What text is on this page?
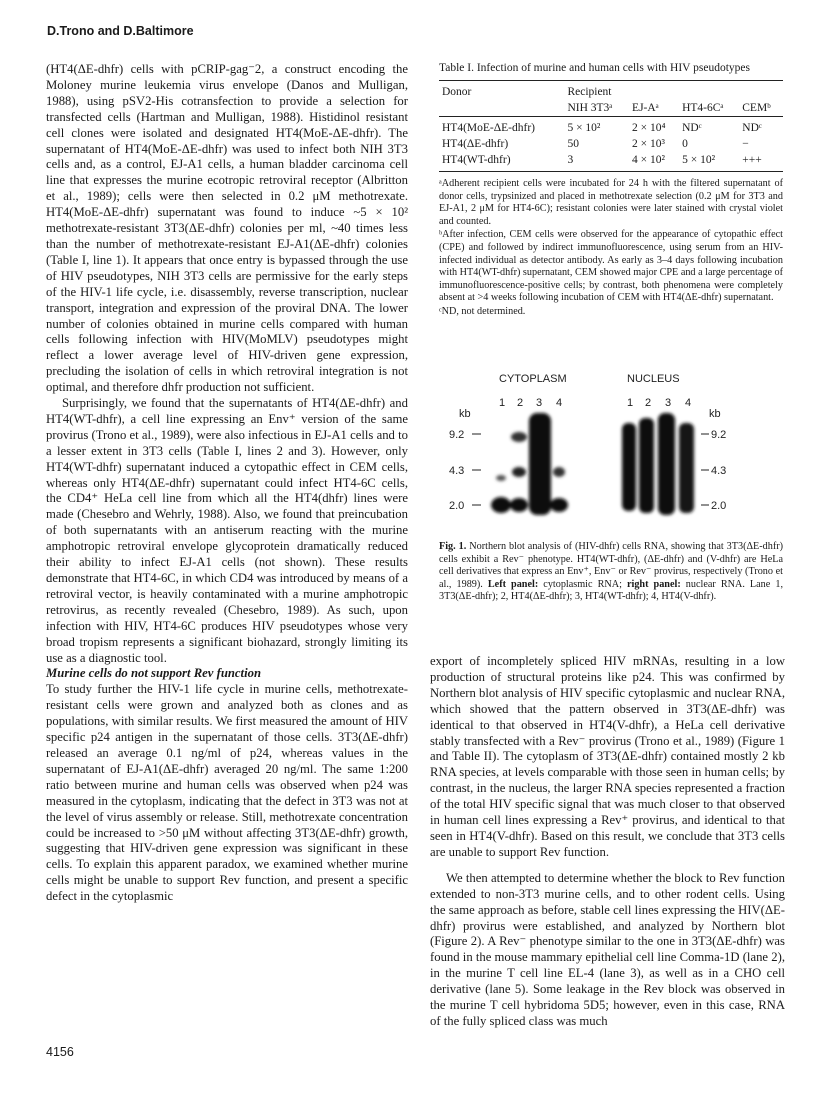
D.Trono and D.Baltimore

(HT4(ΔE-dhfr) cells with pCRIP-gag⁻2, a construct encoding the Moloney murine leukemia virus envelope (Danos and Mulligan, 1988), using pSV2-His cotransfection to provide a selection for transfected cells (Hartman and Mulligan, 1988). Histidinol resistant cell clones were isolated and designated HT4(MoE-ΔE-dhfr). The supernatant of HT4(MoE-ΔE-dhfr) was used to infect both NIH 3T3 cells and, as a control, EJ-A1 cells, a human bladder carcinoma cell line that expresses the murine ecotropic retroviral receptor (Albritton et al., 1989); cells were then selected in 0.2 μM methotrexate. HT4(MoE-ΔE-dhfr) supernatant was found to induce ~5 × 10² methotrexate-resistant 3T3(ΔE-dhfr) colonies per ml, ~40 times less than the number of methotrexate-resistant EJ-A1(ΔE-dhfr) colonies (Table I, line 1). It appears that once entry is bypassed through the use of HIV pseudotypes, NIH 3T3 cells are permissive for the early steps of the HIV-1 life cycle, i.e. disassembly, reverse transcription, nuclear transport, integration and expression of the proviral DNA. The lower number of colonies obtained in murine cells compared with human cells following infection with HIV(MoMLV) pseudotypes might reflect a lower average level of HIV-driven gene expression, precluding the isolation of cells in which retroviral integration is not optimal, and therefore dhfr production not sufficient.

Surprisingly, we found that the supernatants of HT4(ΔE-dhfr) and HT4(WT-dhfr), a cell line expressing an Env⁺ version of the same provirus (Trono et al., 1989), were also infectious in EJ-A1 cells and to a lesser extent in 3T3 cells (Table I, lines 2 and 3). However, only HT4(WT-dhfr) supernatant induced a cytopathic effect in CEM cells, whereas only HT4(ΔE-dhfr) supernatant could infect HT4-6C cells, the CD4⁺ HeLa cell line from which all the HT4(dhfr) lines were made (Chesebro and Wehrly, 1988). Also, we found that preincubation of both supernatants with an antiserum reacting with the murine amphotropic retroviral envelope glycoprotein dramatically reduced their ability to infect EJ-A1 cells (not shown). These results demonstrate that HT4-6C, in which CD4 was introduced by means of a retroviral vector, is heavily contaminated with a murine amphotropic retrovirus, as recently revealed (Chesebro, 1989). As such, upon infection with HIV, HT4-6C produces HIV pseudotypes whose very broad tropism represents a significant biohazard, strongly limiting its use as a diagnostic tool.

Murine cells do not support Rev function

To study further the HIV-1 life cycle in murine cells, methotrexate-resistant cells were grown and analyzed both as clones and as populations, with similar results. We first measured the amount of HIV specific p24 antigen in the supernatant of those cells. 3T3(ΔE-dhfr) released an average 0.1 ng/ml of p24, whereas values in the supernatant of EJ-A1(ΔE-dhfr) averaged 20 ng/ml. The same 1:200 ratio between murine and human cells was observed when p24 was measured in the cytoplasm, indicating that the defect in 3T3 was not at the level of virus assembly or release. Still, methotrexate concentration could be increased to >50 μM without affecting 3T3(ΔE-dhfr) growth, suggesting that HIV-driven gene expression was significant in these cells. To explain this apparent paradox, we examined whether murine cells might be unable to support Rev function, and present a specific defect in the cytoplasmic

Table I. Infection of murine and human cells with HIV pseudotypes
Donor	Recipient			
	NIH 3T3ᵃ	EJ-Aᵃ	HT4-6Cᵃ	CEMᵇ
HT4(MoE-ΔE-dhfr)	5 × 10²	2 × 10⁴	NDᶜ	NDᶜ
HT4(ΔE-dhfr)	50	2 × 10³	0	−
HT4(WT-dhfr)	3	4 × 10²	5 × 10²	+++

ᵃAdherent recipient cells were incubated for 24 h with the filtered supernatant of donor cells, trypsinized and placed in methotrexate selection (0.2 μM for 3T3 and EJ-A1, 2 μM for HT4-6C); resistant colonies were later stained with crystal violet and counted.

ᵇAfter infection, CEM cells were observed for the appearance of cytopathic effect (CPE) and followed by indirect immunofluorescence, using serum from an HIV-infected individual as detector antibody. As early as 3–4 days following incubation with HT4(WT-dhfr) supernatant, CEM showed major CPE and a large percentage of immunofluorescence-positive cells; by contrast, both phenomena were completely absent at >4 weeks following incubation of CEM with HT4(ΔE-dhfr) supernatant.

ᶜND, not determined.

CYTOPLASM	NUCLEUS
1 2 3 4	1 2 3 4
kb	kb
9.2
4.3
2.0
9.2
4.3
2.0
Fig. 1. Northern blot analysis of (HIV-dhfr) cells RNA, showing that 3T3(ΔE-dhfr) cells exhibit a Rev⁻ phenotype. HT4(WT-dhfr), (ΔE-dhfr) and (V-dhfr) are HeLa cell derivatives that express an Env⁺, Env⁻ or Rev⁻ provirus, respectively (Trono et al., 1989). Left panel: cytoplasmic RNA; right panel: nuclear RNA. Lane 1, 3T3(ΔE-dhfr); 2, HT4(ΔE-dhfr); 3, HT4(WT-dhfr); 4, HT4(V-dhfr).

export of incompletely spliced HIV mRNAs, resulting in a low production of structural proteins like p24. This was confirmed by Northern blot analysis of HIV specific cytoplasmic and nuclear RNA, which showed that the pattern observed in 3T3(ΔE-dhfr) was identical to that observed in HT4(V-dhfr), a HeLa cell derivative stably transfected with a Rev⁻ provirus (Trono et al., 1989) (Figure 1 and Table II). The cytoplasm of 3T3(ΔE-dhfr) contained mostly 2 kb RNA species, at levels comparable with those seen in human cells; by contrast, in the nucleus, the larger RNA species represented a fraction of the total HIV specific signal that was much closer to that observed in human cell lines expressing a Rev⁺ provirus, and identical to that seen in HT4(V-dhfr). Based on this result, we conclude that 3T3 cells are unable to support Rev function.

We then attempted to determine whether the block to Rev function extended to non-3T3 murine cells, and to other rodent cells. Using the same approach as before, stable cell lines expressing the HIV(ΔE-dhfr) provirus were established, and analyzed by Northern blot (Figure 2). A Rev⁻ phenotype similar to the one in 3T3(ΔE-dhfr) was found in the mouse mammary epithelial cell line Comma-1D (lane 2), in the murine T cell line EL-4 (lane 3), as well as in a CHO cell derivative (lane 5). Some leakage in the Rev block was observed in the murine T cell hybridoma 5D5; however, even in this case, RNA of the fully spliced class was much

4156
